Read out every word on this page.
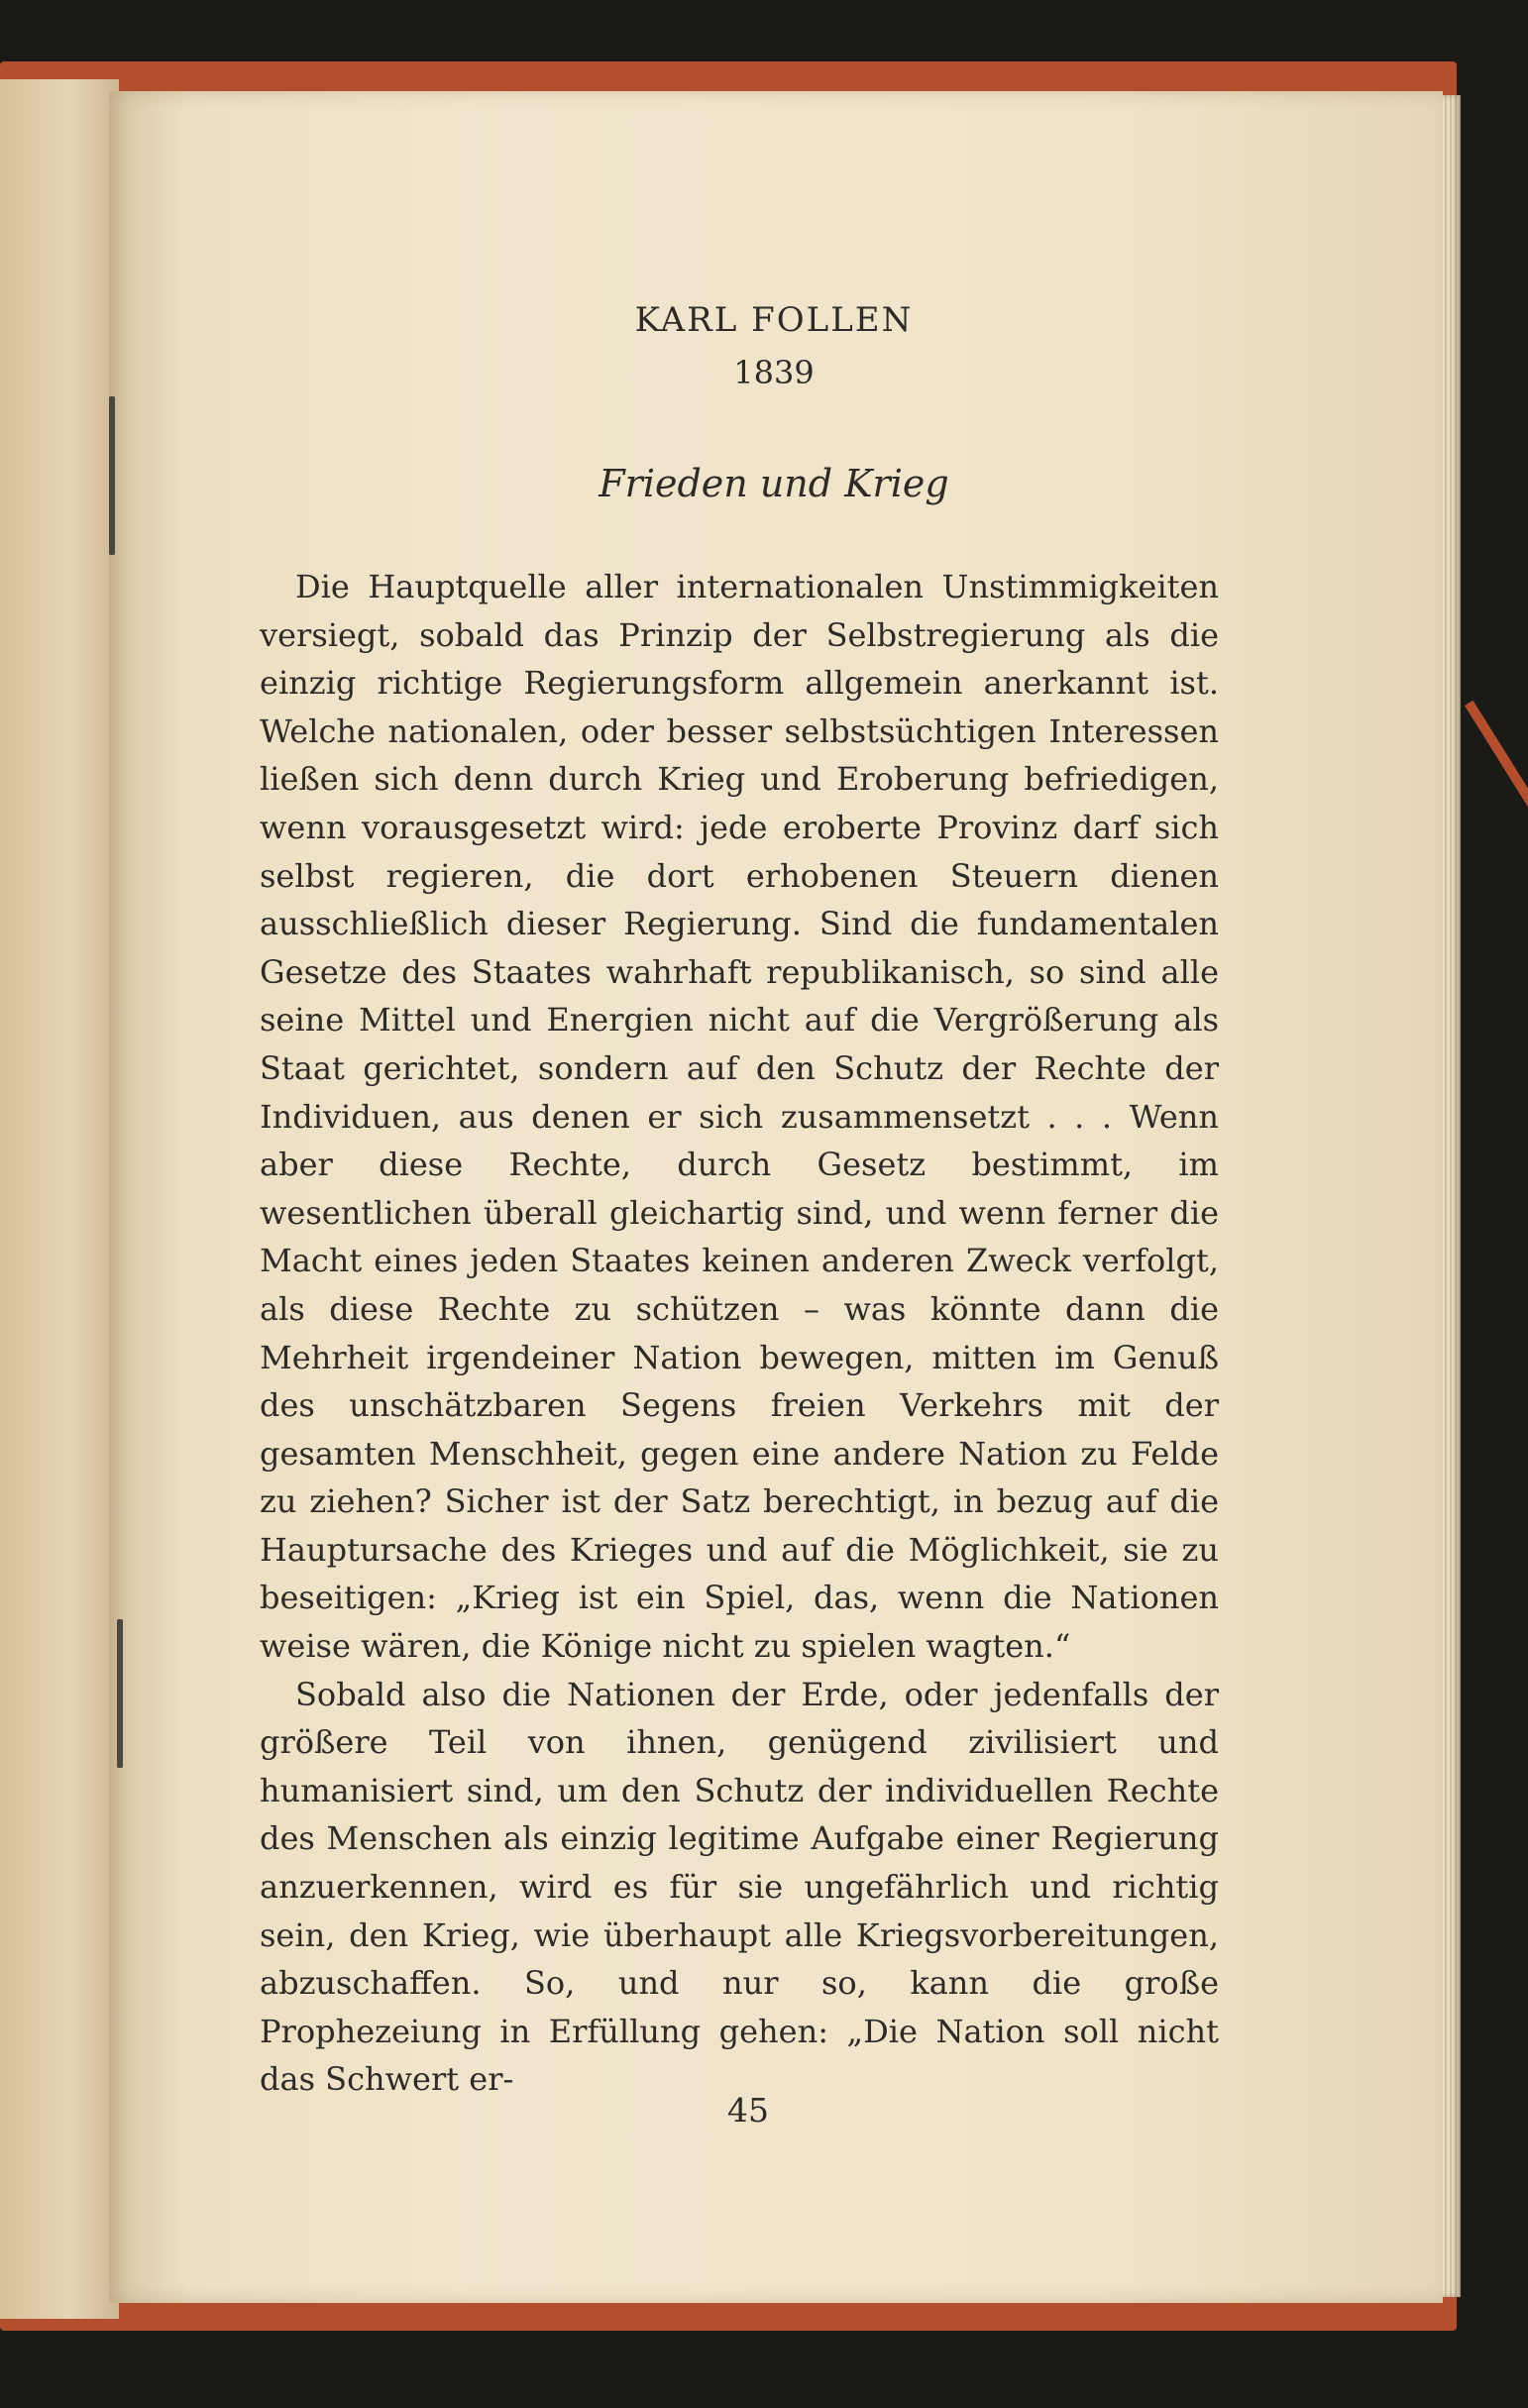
KARL FOLLEN

1839

Frieden und Krieg

Die Hauptquelle aller internationalen Unstimmigkeiten versiegt, sobald das Prinzip der Selbstregierung als die einzig richtige Regierungsform allgemein anerkannt ist. Welche nationalen, oder besser selbstsüchtigen Interessen ließen sich denn durch Krieg und Eroberung befriedigen, wenn vorausgesetzt wird: jede eroberte Provinz darf sich selbst regieren, die dort erhobenen Steuern dienen ausschließlich dieser Regierung. Sind die fundamentalen Gesetze des Staates wahrhaft republikanisch, so sind alle seine Mittel und Energien nicht auf die Vergrößerung als Staat gerichtet, sondern auf den Schutz der Rechte der Individuen, aus denen er sich zusammensetzt . . . Wenn aber diese Rechte, durch Gesetz bestimmt, im wesentlichen überall gleichartig sind, und wenn ferner die Macht eines jeden Staates keinen anderen Zweck verfolgt, als diese Rechte zu schützen – was könnte dann die Mehrheit irgendeiner Nation bewegen, mitten im Genuß des unschätzbaren Segens freien Verkehrs mit der gesamten Menschheit, gegen eine andere Nation zu Felde zu ziehen? Sicher ist der Satz berechtigt, in bezug auf die Hauptursache des Krieges und auf die Möglichkeit, sie zu beseitigen: „Krieg ist ein Spiel, das, wenn die Nationen weise wären, die Könige nicht zu spielen wagten.“

Sobald also die Nationen der Erde, oder jedenfalls der größere Teil von ihnen, genügend zivilisiert und humanisiert sind, um den Schutz der individuellen Rechte des Menschen als einzig legitime Aufgabe einer Regierung anzuerkennen, wird es für sie ungefährlich und richtig sein, den Krieg, wie überhaupt alle Kriegsvorbereitungen, abzuschaffen. So, und nur so, kann die große Prophezeiung in Erfüllung gehen: „Die Nation soll nicht das Schwert er-

45
